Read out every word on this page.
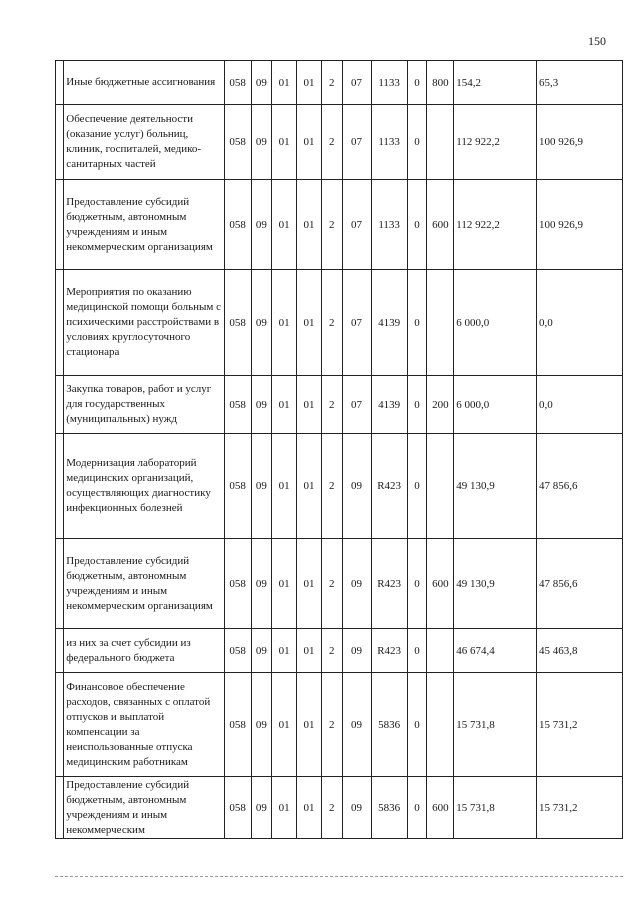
150
	Иные бюджетные ассигнования	058	09	01	01	2	07	1133	0	800	154,2	65,3
	Обеспечение деятельности (оказание услуг) больниц, клиник, госпиталей, медико-санитарных частей	058	09	01	01	2	07	1133	0		112 922,2	100 926,9
	Предоставление субсидий бюджетным, автономным учреждениям и иным некоммерческим организациям	058	09	01	01	2	07	1133	0	600	112 922,2	100 926,9
	Мероприятия по оказанию медицинской помощи больным с психическими расстройствами в условиях круглосуточного стационара	058	09	01	01	2	07	4139	0		6 000,0	0,0
	Закупка товаров, работ и услуг для государственных (муниципальных) нужд	058	09	01	01	2	07	4139	0	200	6 000,0	0,0
	Модернизация лабораторий медицинских организаций, осуществляющих диагностику инфекционных болезней	058	09	01	01	2	09	R423	0		49 130,9	47 856,6
	Предоставление субсидий бюджетным, автономным учреждениям и иным некоммерческим организациям	058	09	01	01	2	09	R423	0	600	49 130,9	47 856,6
	из них за счет субсидии из федерального бюджета	058	09	01	01	2	09	R423	0		46 674,4	45 463,8
	Финансовое обеспечение расходов, связанных с оплатой отпусков и выплатой компенсации за неиспользованные отпуска медицинским работникам	058	09	01	01	2	09	5836	0		15 731,8	15 731,2
	Предоставление субсидий бюджетным, автономным учреждениям и иным некоммерческим	058	09	01	01	2	09	5836	0	600	15 731,8	15 731,2
